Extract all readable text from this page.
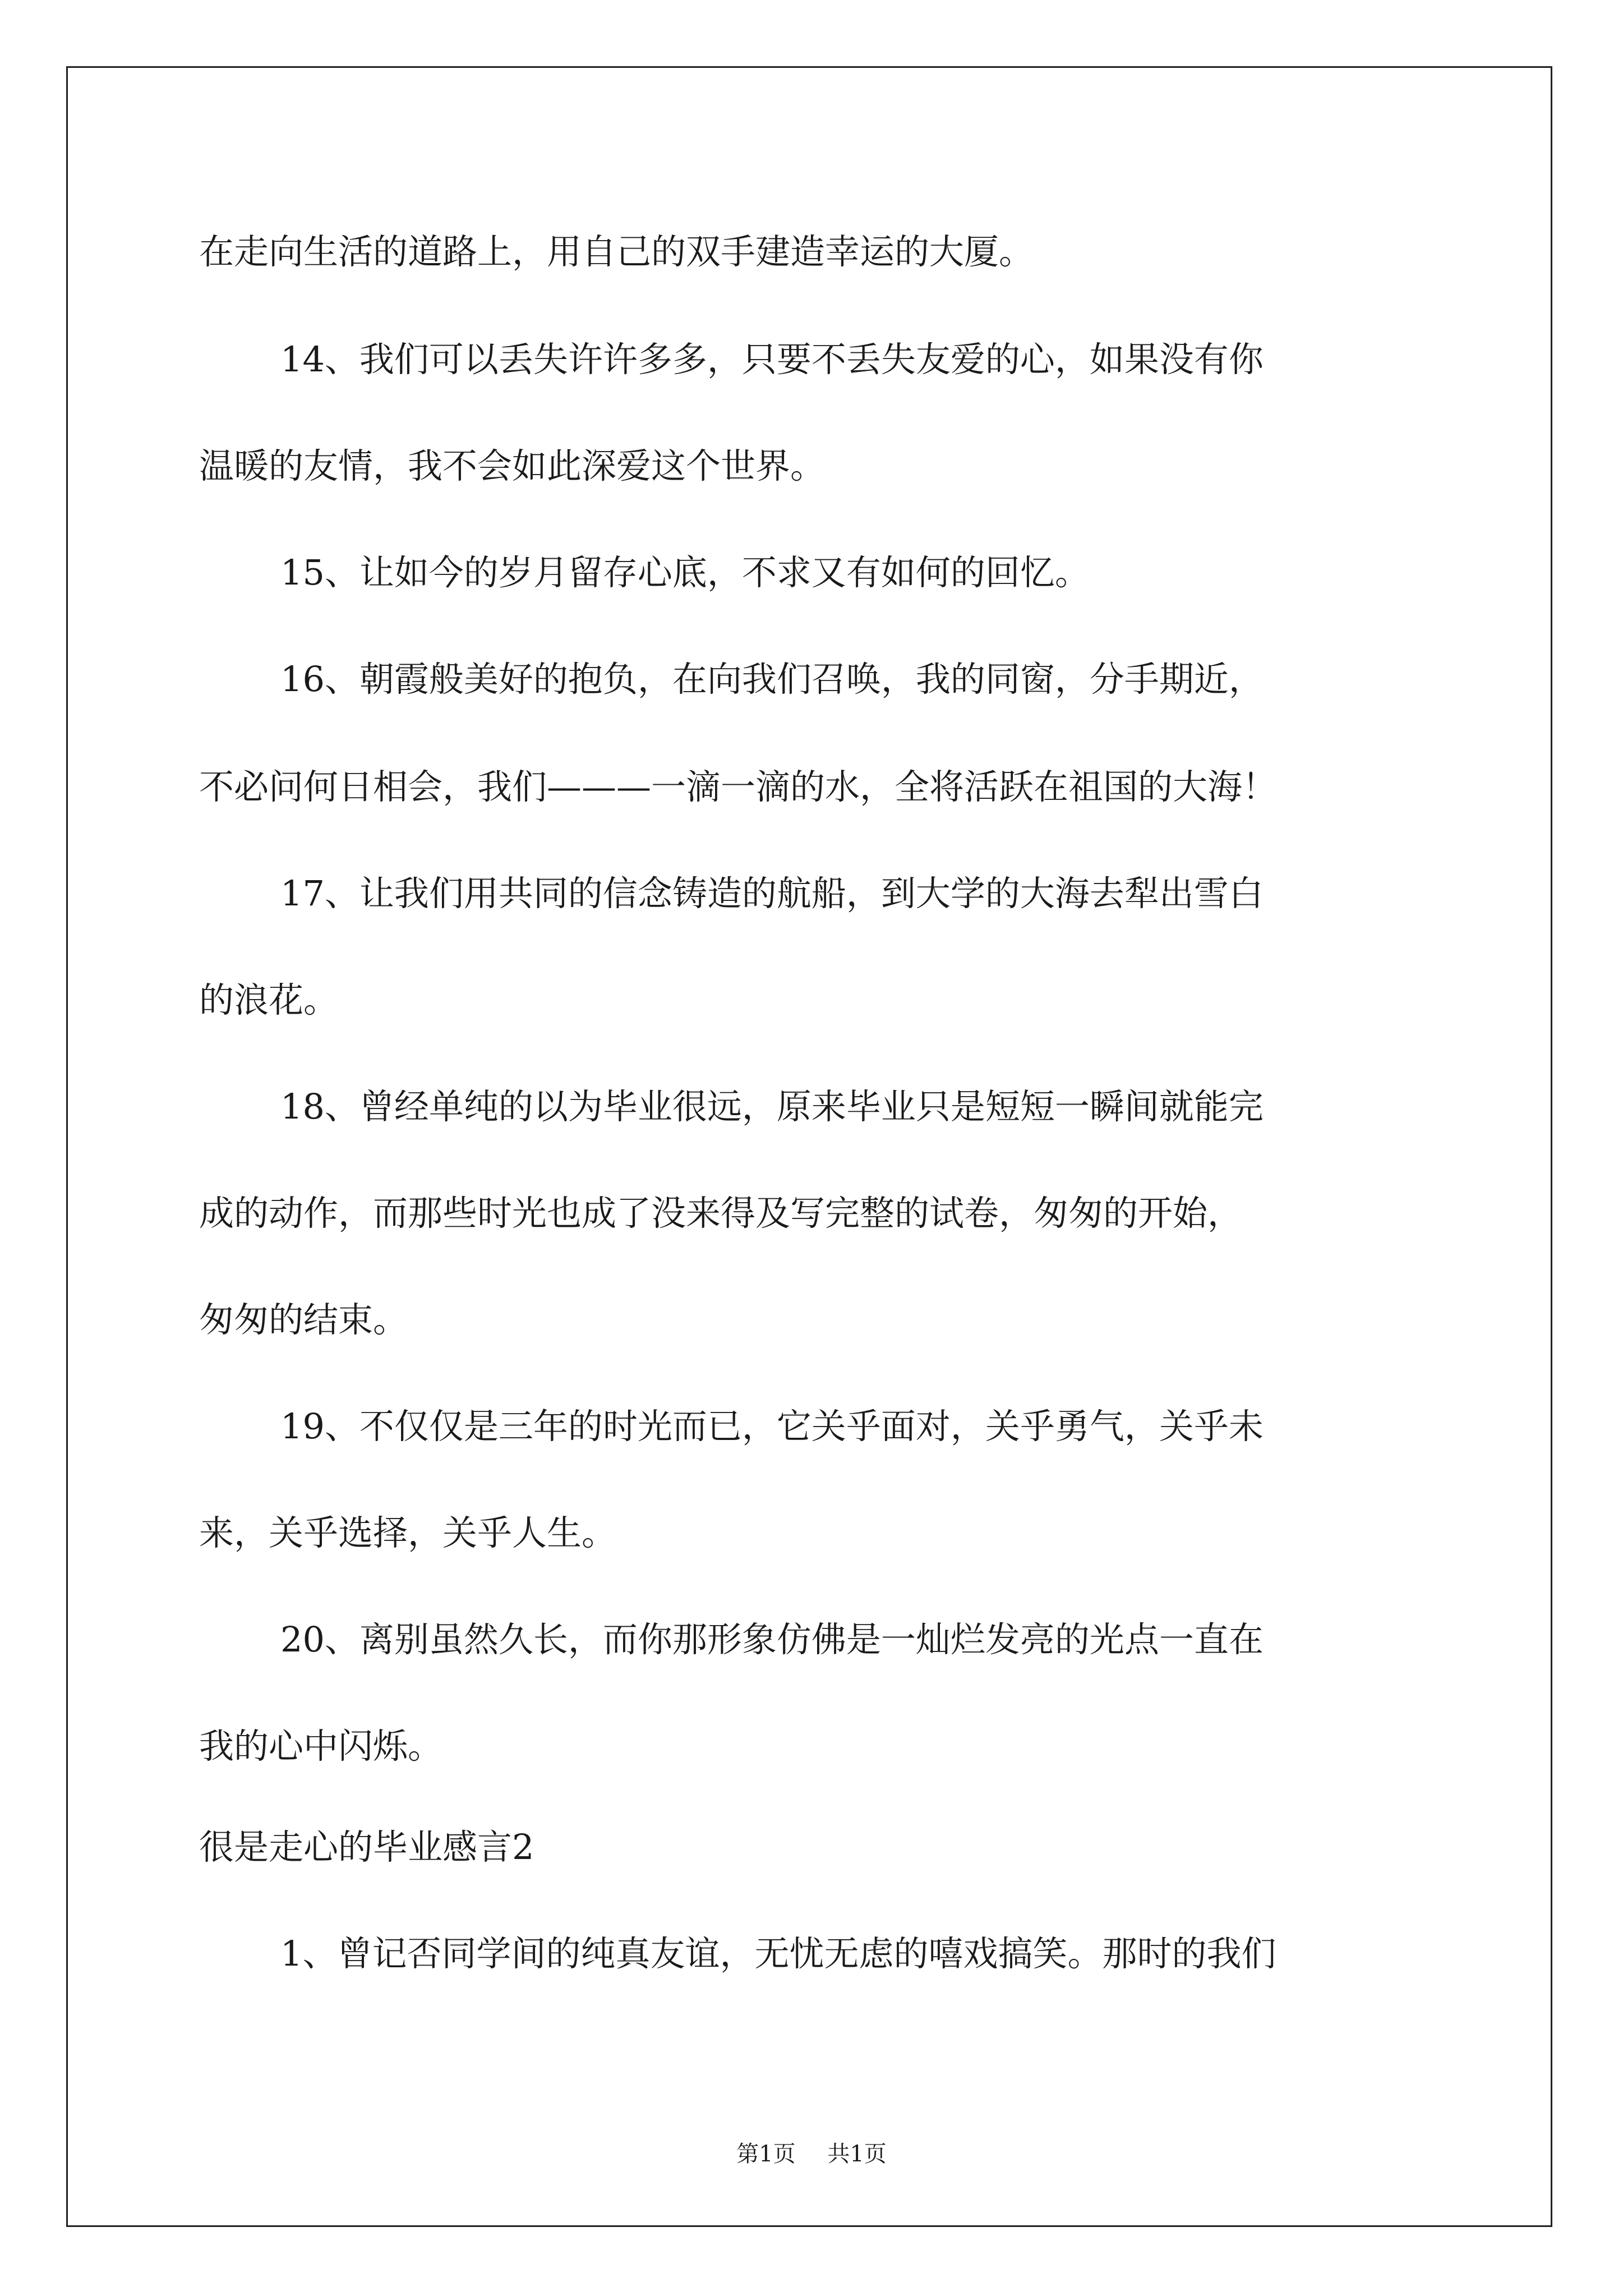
在走向生活的道路上，用自己的双手建造幸运的大厦。
14、我们可以丢失许许多多，只要不丢失友爱的心，如果没有你
温暖的友情，我不会如此深爱这个世界。
15、让如今的岁月留存心底，不求又有如何的回忆。
16、朝霞般美好的抱负，在向我们召唤，我的同窗，分手期近，
不必问何日相会，我们———一滴一滴的水，全将活跃在祖国的大海！
17、让我们用共同的信念铸造的航船，到大学的大海去犁出雪白
的浪花。
18、曾经单纯的以为毕业很远，原来毕业只是短短一瞬间就能完
成的动作，而那些时光也成了没来得及写完整的试卷，匆匆的开始，
匆匆的结束。
19、不仅仅是三年的时光而已，它关乎面对，关乎勇气，关乎未
来，关乎选择，关乎人生。
20、离别虽然久长，而你那形象仿佛是一灿烂发亮的光点一直在
我的心中闪烁。
很是走心的毕业感言2
1、曾记否同学间的纯真友谊，无忧无虑的嘻戏搞笑。那时的我们
第1页 共1页
